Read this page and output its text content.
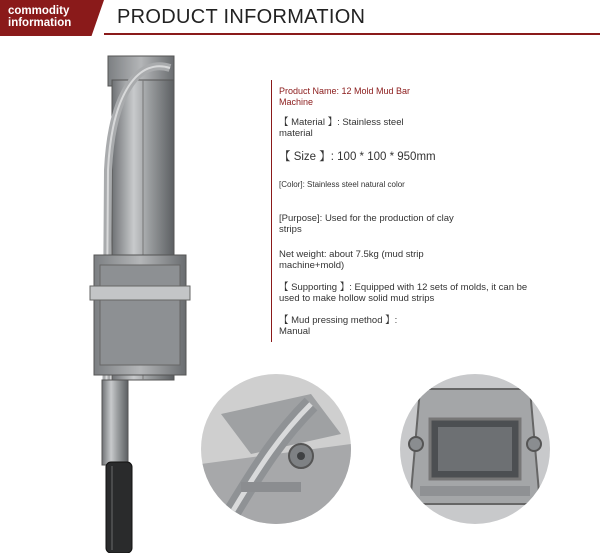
commodity
information PRODUCT INFORMATION
Product Name: 12 Mold Mud Bar Machine
【 Material 】: Stainless steel material
【 Size 】: 100 * 100 * 950mm
[Color]: Stainless steel natural color
[Purpose]: Used for the production of clay strips
Net weight: about 7.5kg (mud strip machine+mold)
【 Supporting 】: Equipped with 12 sets of molds, it can be used to make hollow solid mud strips
【 Mud pressing method 】: Manual
